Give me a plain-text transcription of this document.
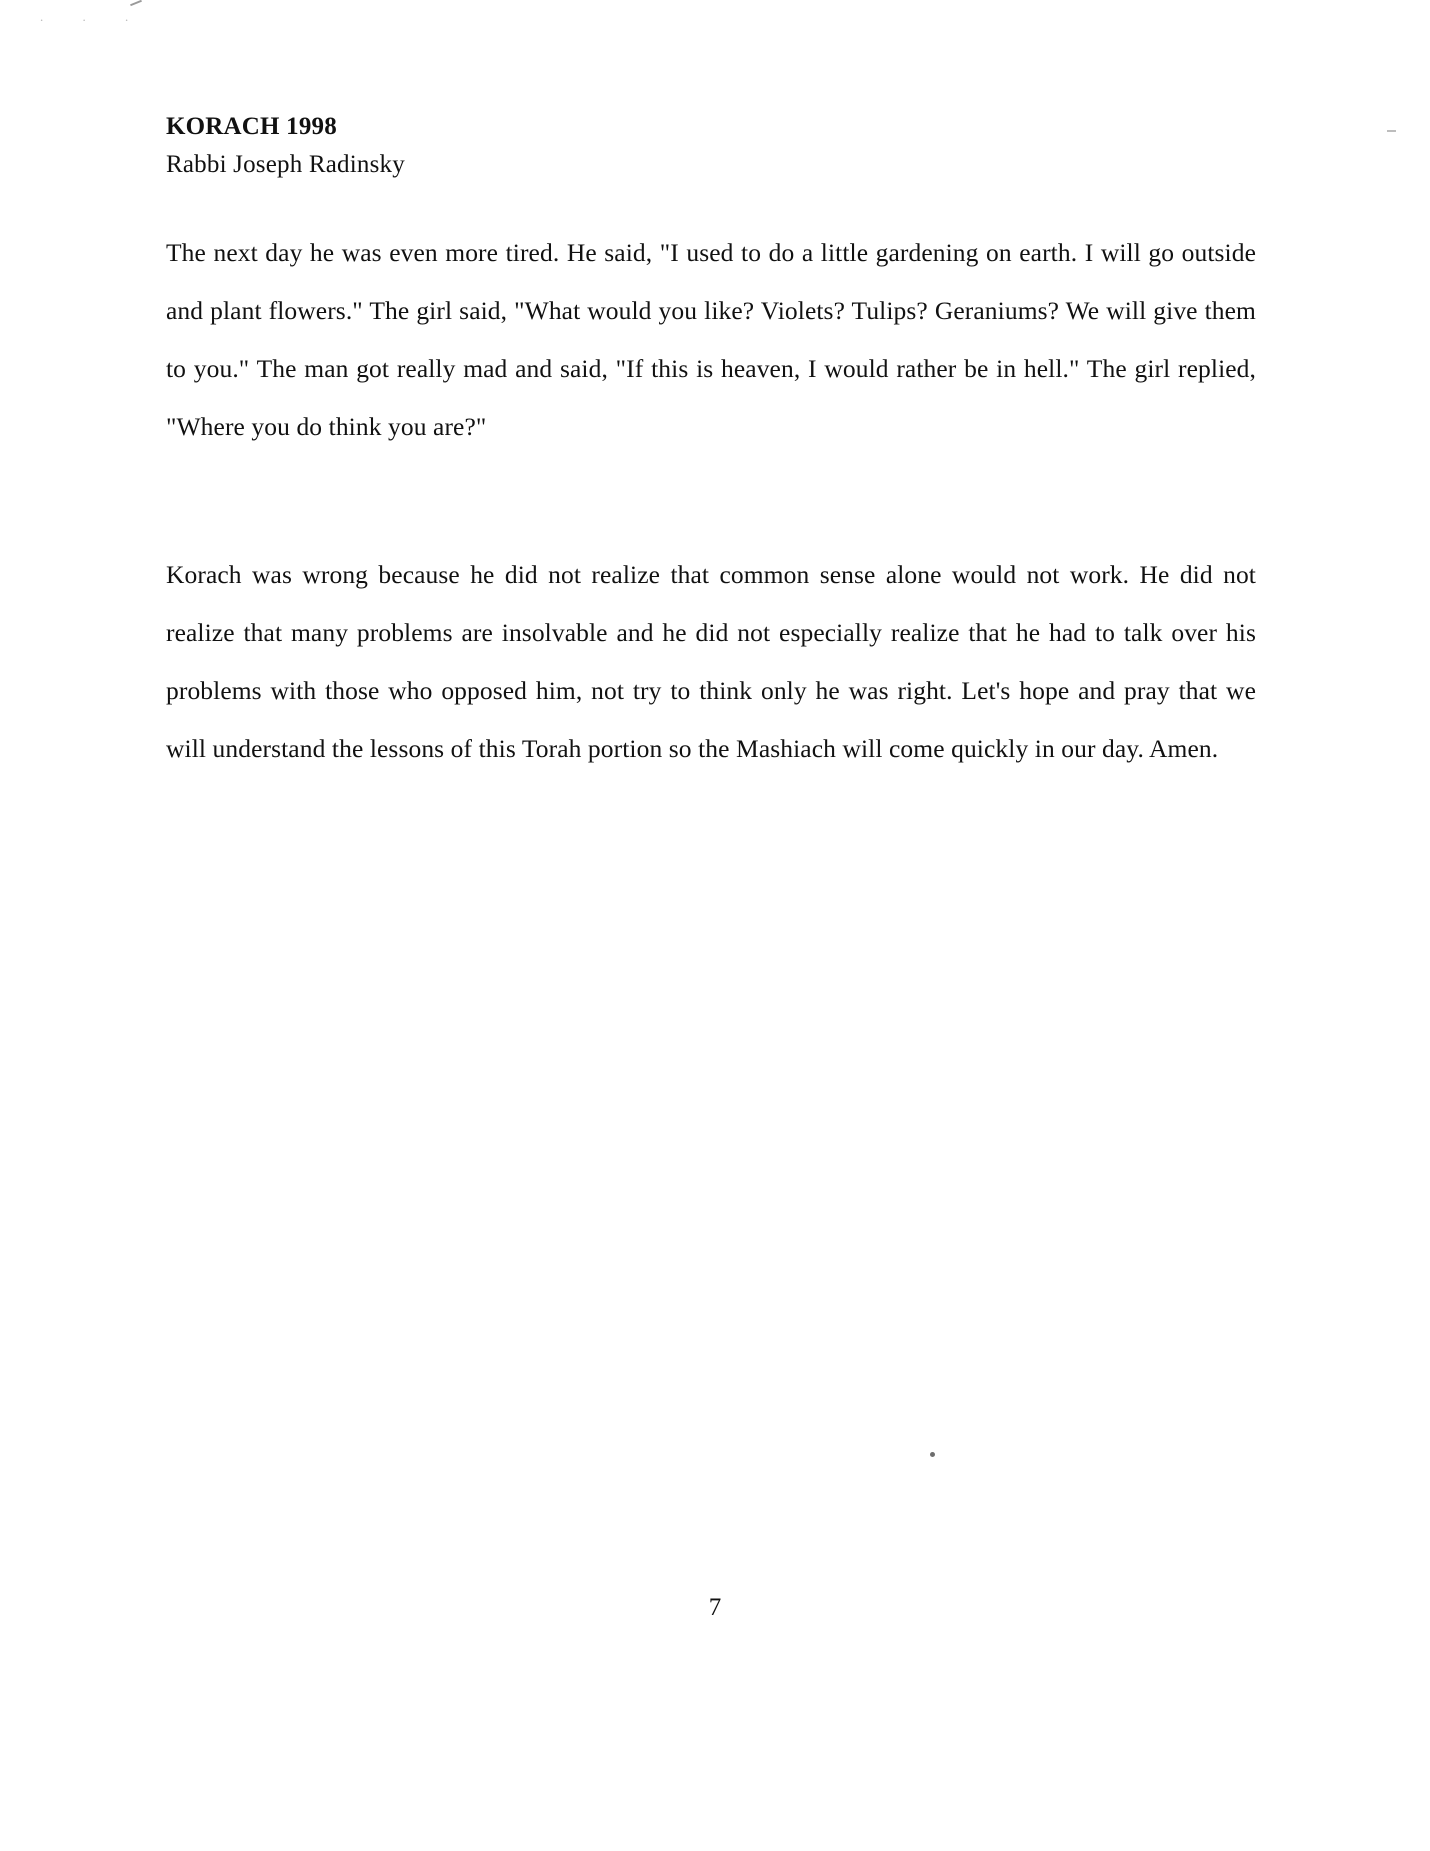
. . .
KORACH 1998
Rabbi Joseph Radinsky

The next day he was even more tired. He said, "I used to do a little gardening on earth. I will go outside and plant flowers." The girl said, "What would you like? Violets? Tulips? Geraniums? We will give them to you." The man got really mad and said, "If this is heaven, I would rather be in hell." The girl replied, "Where you do think you are?"

Korach was wrong because he did not realize that common sense alone would not work. He did not realize that many problems are insolvable and he did not especially realize that he had to talk over his problems with those who opposed him, not try to think only he was right. Let's hope and pray that we will understand the lessons of this Torah portion so the Mashiach will come quickly in our day. Amen.

7
